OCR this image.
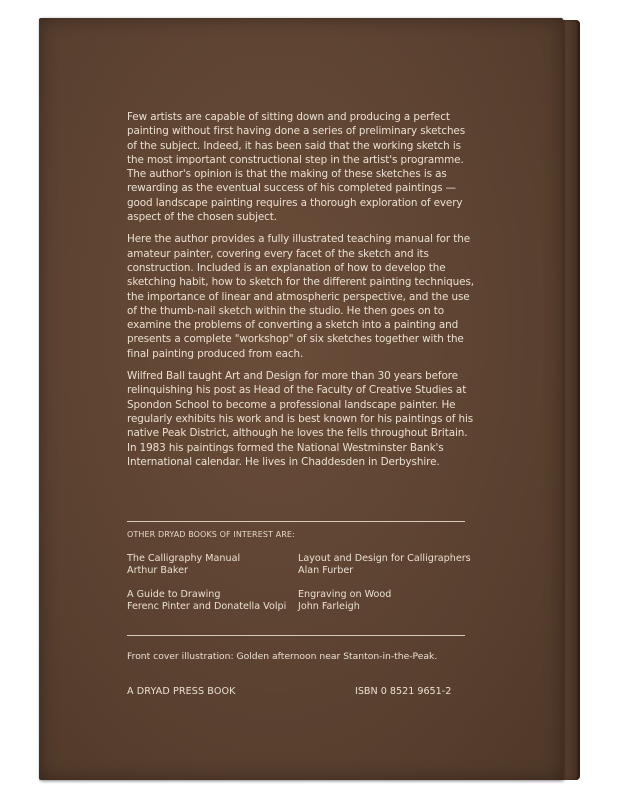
Few artists are capable of sitting down and producing a perfect painting without first having done a series of preliminary sketches of the subject. Indeed, it has been said that the working sketch is the most important constructional step in the artist's programme. The author's opinion is that the making of these sketches is as rewarding as the eventual success of his completed paintings — good landscape painting requires a thorough exploration of every aspect of the chosen subject.

Here the author provides a fully illustrated teaching manual for the amateur painter, covering every facet of the sketch and its construction. Included is an explanation of how to develop the sketching habit, how to sketch for the different painting techniques, the importance of linear and atmospheric perspective, and the use of the thumb-nail sketch within the studio. He then goes on to examine the problems of converting a sketch into a painting and presents a complete "workshop" of six sketches together with the final painting produced from each.

Wilfred Ball taught Art and Design for more than 30 years before relinquishing his post as Head of the Faculty of Creative Studies at Spondon School to become a professional landscape painter. He regularly exhibits his work and is best known for his paintings of his native Peak District, although he loves the fells throughout Britain. In 1983 his paintings formed the National Westminster Bank's International calendar. He lives in Chaddesden in Derbyshire.

OTHER DRYAD BOOKS OF INTEREST ARE:
The Calligraphy Manual
Arthur Baker
Layout and Design for Calligraphers
Alan Furber
A Guide to Drawing
Ferenc Pinter and Donatella Volpi
Engraving on Wood
John Farleigh
Front cover illustration: Golden afternoon near Stanton-in-the-Peak.
A DRYAD PRESS BOOK	ISBN 0 8521 9651-2
